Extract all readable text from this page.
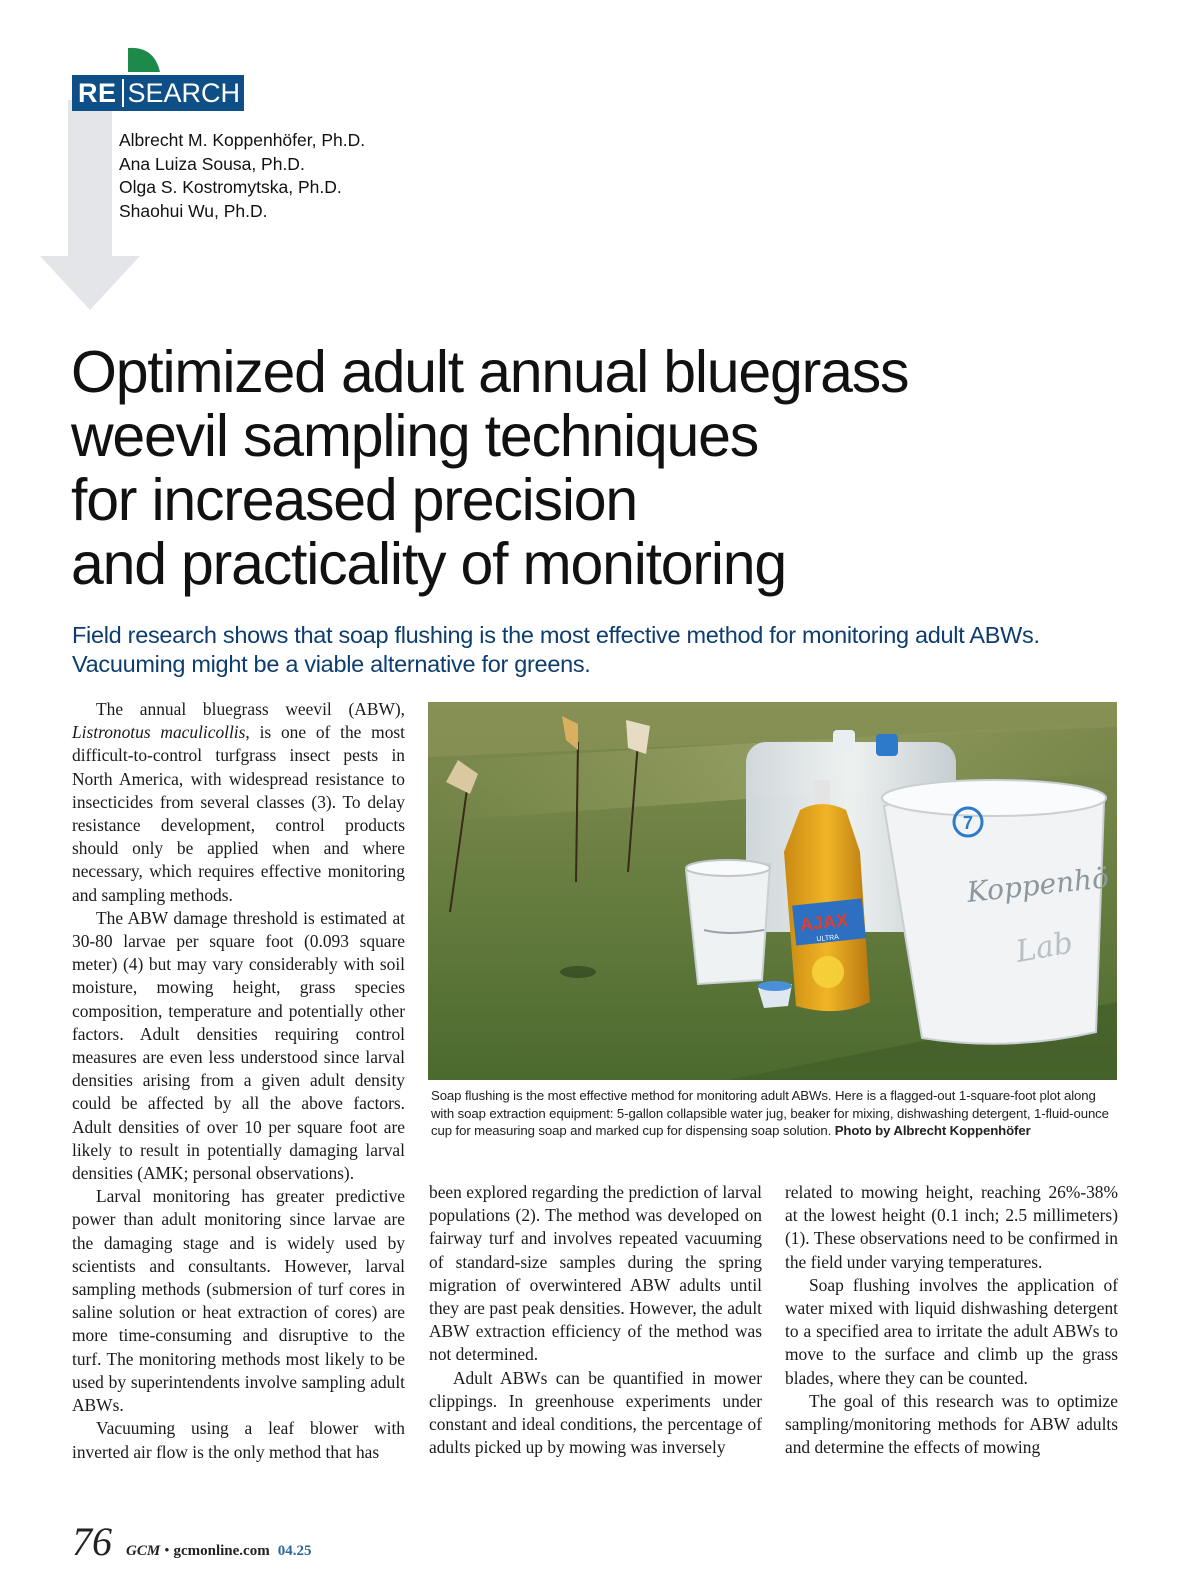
RE SEARCH
Albrecht M. Koppenhöfer, Ph.D.
Ana Luiza Sousa, Ph.D.
Olga S. Kostromytska, Ph.D.
Shaohui Wu, Ph.D.
Optimized adult annual bluegrass
weevil sampling techniques
for increased precision
and practicality of monitoring

Field research shows that soap flushing is the most effective method for monitoring adult ABWs. Vacuuming might be a viable alternative for greens.

The annual bluegrass weevil (ABW), Listronotus maculicollis, is one of the most difficult-to-control turfgrass insect pests in North America, with widespread resistance to insecticides from several classes (3). To delay resistance development, control products should only be applied when and where necessary, which requires effective monitoring and sampling methods.

The ABW damage threshold is estimated at 30-80 larvae per square foot (0.093 square meter) (4) but may vary considerably with soil moisture, mowing height, grass species composition, temperature and potentially other factors. Adult densities requiring control measures are even less understood since larval densities arising from a given adult density could be affected by all the above factors. Adult densities of over 10 per square foot are likely to result in potentially damaging larval densities (AMK; personal observations).

Larval monitoring has greater predictive power than adult monitoring since larvae are the damaging stage and is widely used by scientists and consultants. However, larval sampling methods (submersion of turf cores in saline solution or heat extraction of cores) are more time-consuming and disruptive to the turf. The monitoring methods most likely to be used by superintendents involve sampling adult ABWs.

Vacuuming using a leaf blower with inverted air flow is the only method that has

AJAX
ULTRA
7
Koppenhö
Lab
Soap flushing is the most effective method for monitoring adult ABWs. Here is a flagged-out 1-square-foot plot along with soap extraction equipment: 5-gallon collapsible water jug, beaker for mixing, dishwashing detergent, 1-fluid-ounce cup for measuring soap and marked cup for dispensing soap solution. Photo by Albrecht Koppenhöfer

been explored regarding the prediction of larval populations (2). The method was developed on fairway turf and involves repeated vacuuming of standard-size samples during the spring migration of overwintered ABW adults until they are past peak densities. However, the adult ABW extraction efficiency of the method was not determined.

Adult ABWs can be quantified in mower clippings. In greenhouse experiments under constant and ideal conditions, the percentage of adults picked up by mowing was inversely

related to mowing height, reaching 26%-38% at the lowest height (0.1 inch; 2.5 millimeters) (1). These observations need to be confirmed in the field under varying temperatures.

Soap flushing involves the application of water mixed with liquid dishwashing detergent to a specified area to irritate the adult ABWs to move to the surface and climb up the grass blades, where they can be counted.

The goal of this research was to optimize sampling/monitoring methods for ABW adults and determine the effects of mowing

76 GCM • gcmonline.com 04.25
